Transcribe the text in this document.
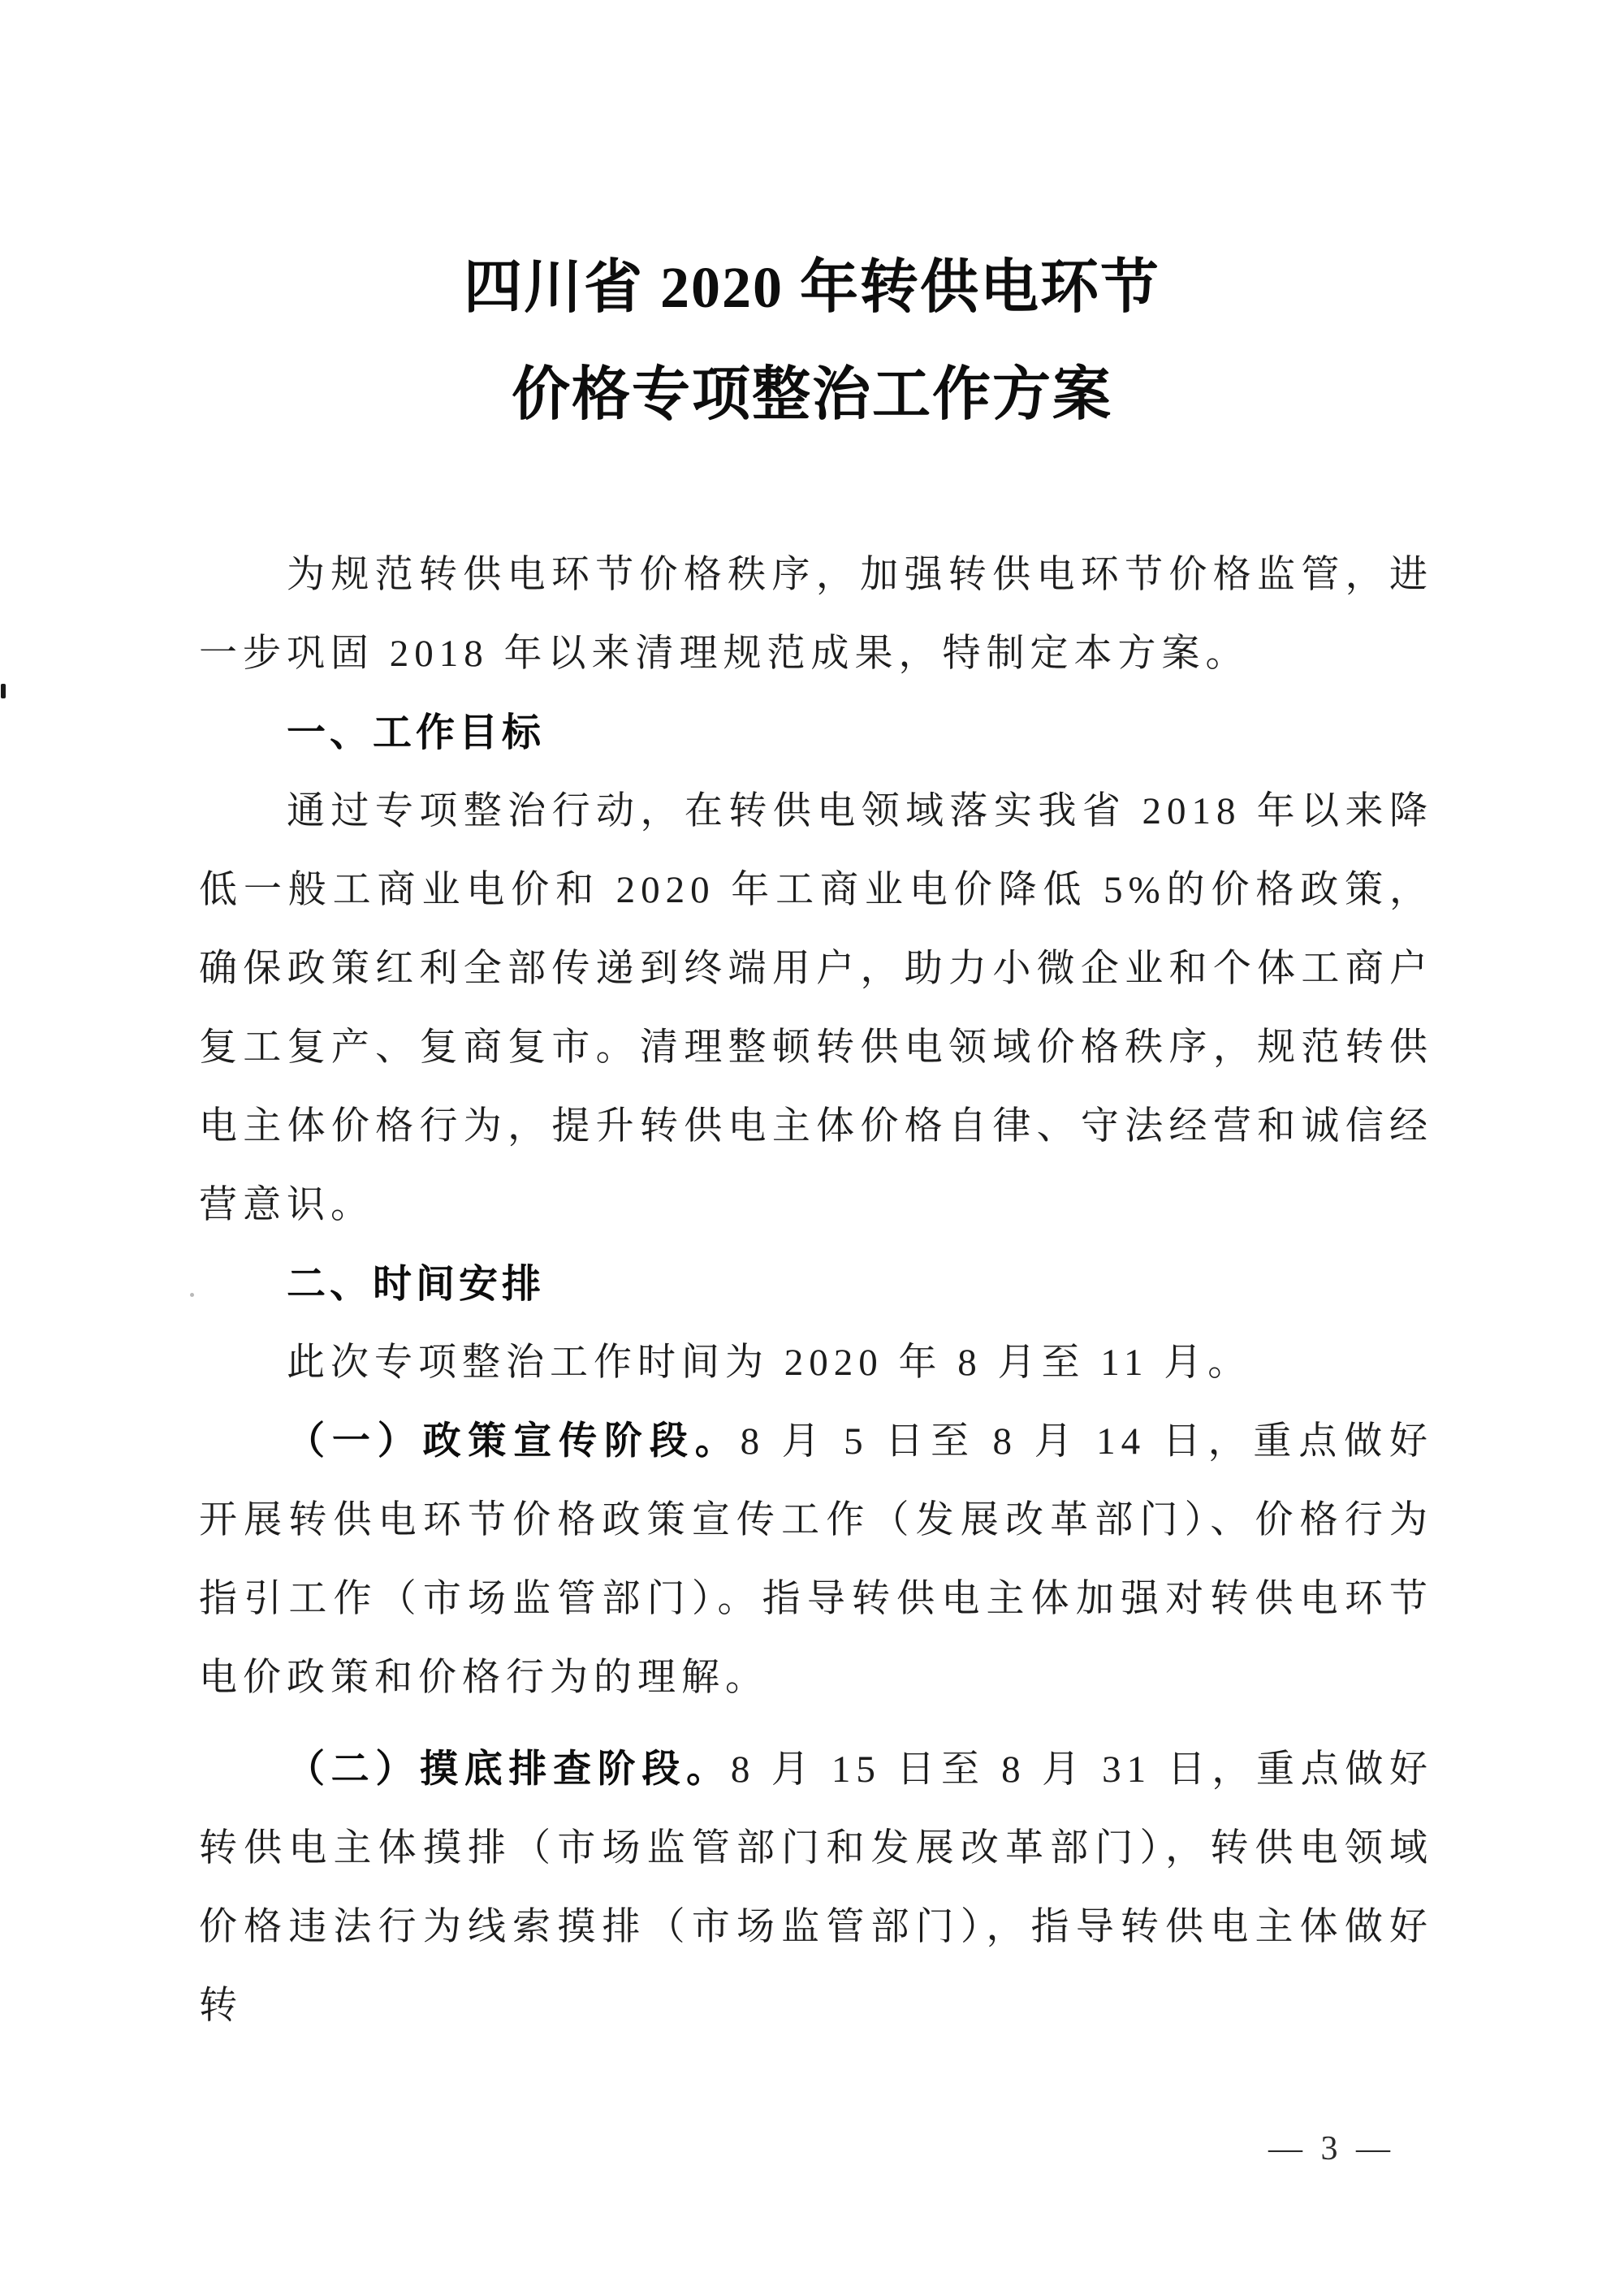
四川省 2020 年转供电环节
价格专项整治工作方案

为规范转供电环节价格秩序，加强转供电环节价格监管，进一步巩固 2018 年以来清理规范成果，特制定本方案。

一、工作目标

通过专项整治行动，在转供电领域落实我省 2018 年以来降低一般工商业电价和 2020 年工商业电价降低 5%的价格政策，确保政策红利全部传递到终端用户，助力小微企业和个体工商户复工复产、复商复市。清理整顿转供电领域价格秩序，规范转供电主体价格行为，提升转供电主体价格自律、守法经营和诚信经营意识。

二、时间安排

此次专项整治工作时间为 2020 年 8 月至 11 月。

（一）政策宣传阶段。8 月 5 日至 8 月 14 日，重点做好开展转供电环节价格政策宣传工作（发展改革部门）、价格行为指引工作（市场监管部门）。指导转供电主体加强对转供电环节电价政策和价格行为的理解。

（二）摸底排查阶段。8 月 15 日至 8 月 31 日，重点做好转供电主体摸排（市场监管部门和发展改革部门），转供电领域价格违法行为线索摸排（市场监管部门），指导转供电主体做好转

— 3 —
